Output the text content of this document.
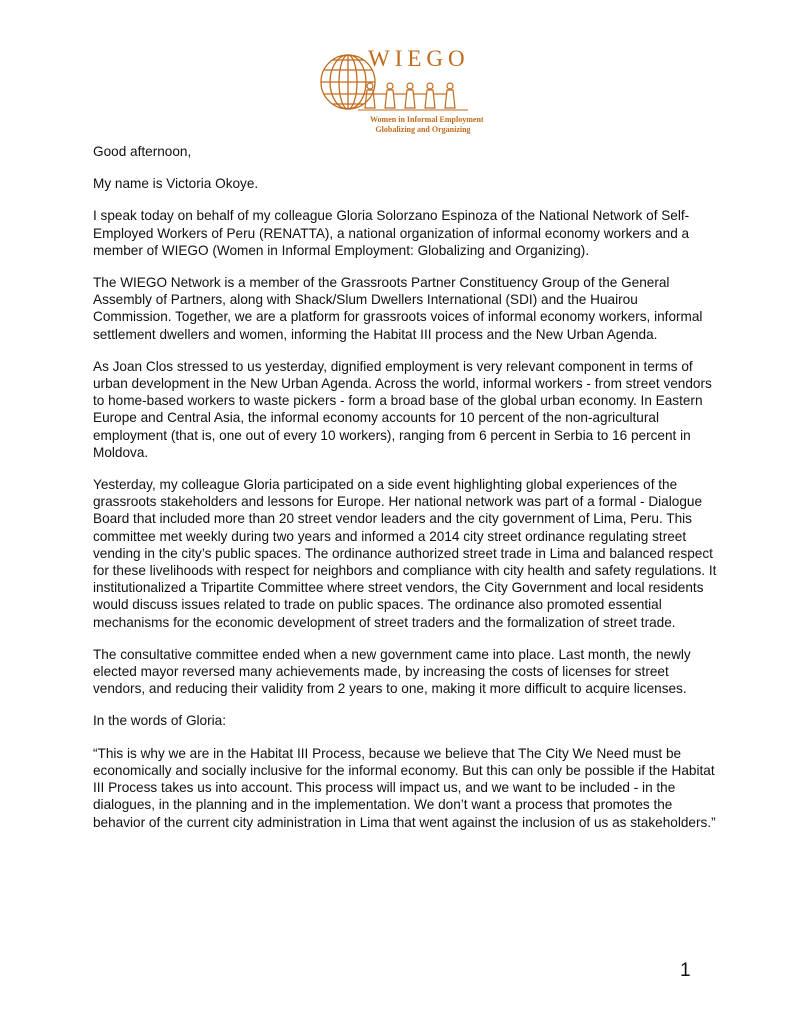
WIEGO
Women in Informal Employment
Globalizing and Organizing

Good afternoon,

My name is Victoria Okoye.

I speak today on behalf of my colleague Gloria Solorzano Espinoza of the National Network of Self-Employed Workers of Peru (RENATTA), a national organization of informal economy workers and a member of WIEGO (Women in Informal Employment: Globalizing and Organizing).

The WIEGO Network is a member of the Grassroots Partner Constituency Group of the General Assembly of Partners, along with Shack/Slum Dwellers International (SDI) and the Huairou Commission. Together, we are a platform for grassroots voices of informal economy workers, informal settlement dwellers and women, informing the Habitat III process and the New Urban Agenda.

As Joan Clos stressed to us yesterday, dignified employment is very relevant component in terms of urban development in the New Urban Agenda. Across the world, informal workers - from street vendors to home-based workers to waste pickers - form a broad base of the global urban economy. In Eastern Europe and Central Asia, the informal economy accounts for 10 percent of the non-agricultural employment (that is, one out of every 10 workers), ranging from 6 percent in Serbia to 16 percent in Moldova.

Yesterday, my colleague Gloria participated on a side event highlighting global experiences of the grassroots stakeholders and lessons for Europe. Her national network was part of a formal - Dialogue Board that included more than 20 street vendor leaders and the city government of Lima, Peru. This committee met weekly during two years and informed a 2014 city street ordinance regulating street vending in the city’s public spaces. The ordinance authorized street trade in Lima and balanced respect for these livelihoods with respect for neighbors and compliance with city health and safety regulations. It institutionalized a Tripartite Committee where street vendors, the City Government and local residents would discuss issues related to trade on public spaces. The ordinance also promoted essential mechanisms for the economic development of street traders and the formalization of street trade.

The consultative committee ended when a new government came into place. Last month, the newly elected mayor reversed many achievements made, by increasing the costs of licenses for street vendors, and reducing their validity from 2 years to one, making it more difficult to acquire licenses.

In the words of Gloria:

“This is why we are in the Habitat III Process, because we believe that The City We Need must be economically and socially inclusive for the informal economy. But this can only be possible if the Habitat III Process takes us into account. This process will impact us, and we want to be included - in the dialogues, in the planning and in the implementation. We don’t want a process that promotes the behavior of the current city administration in Lima that went against the inclusion of us as stakeholders.”

1
